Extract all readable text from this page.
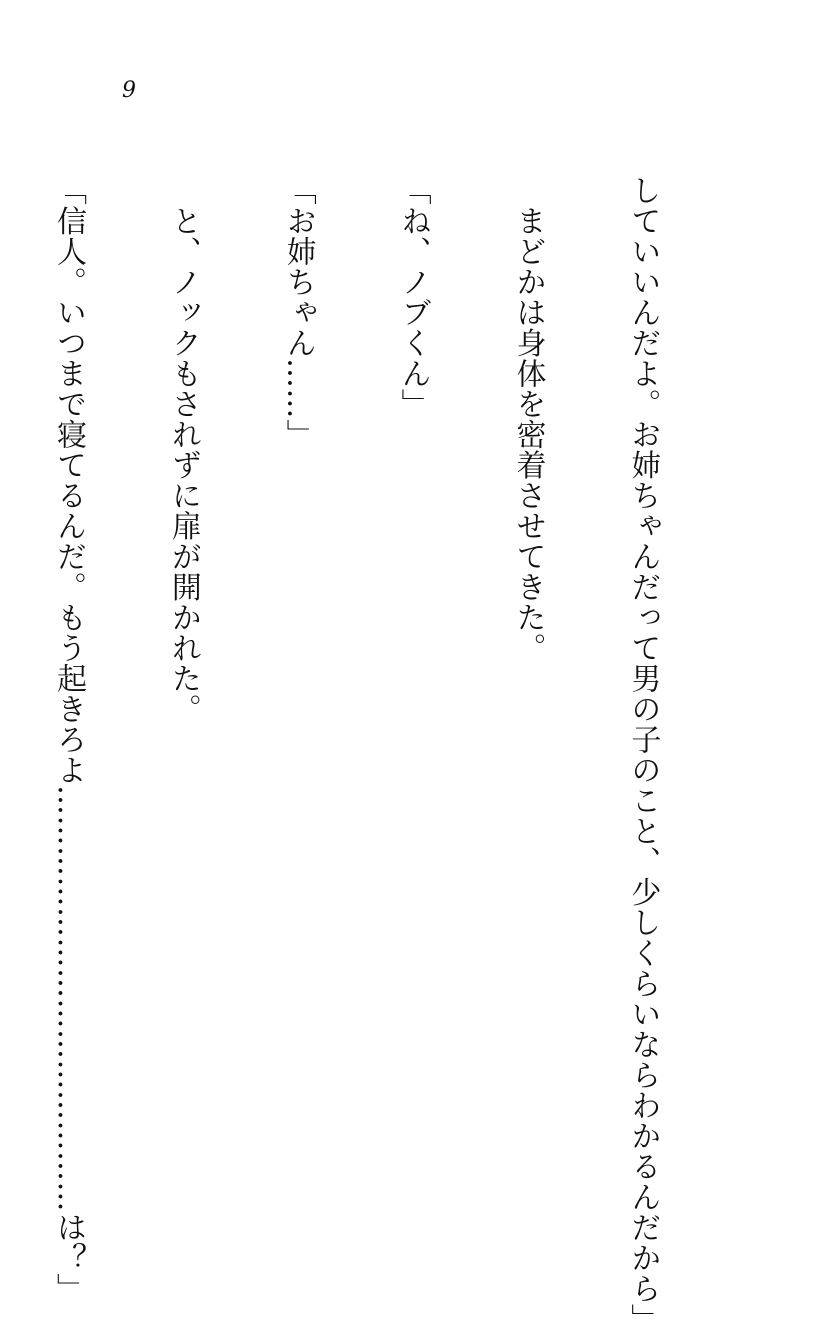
9

していいんだよ。お姉ちゃんだって男の子のこと、少しくらいならわかるんだから」

　まどかは身体を密着させてきた。

「ね、ノブくん」

「お姉ちゃん……」

　と、ノックもされずに扉が開かれた。

「信人。いつまで寝てるんだ。もう起きろよ……………………………………は？」
